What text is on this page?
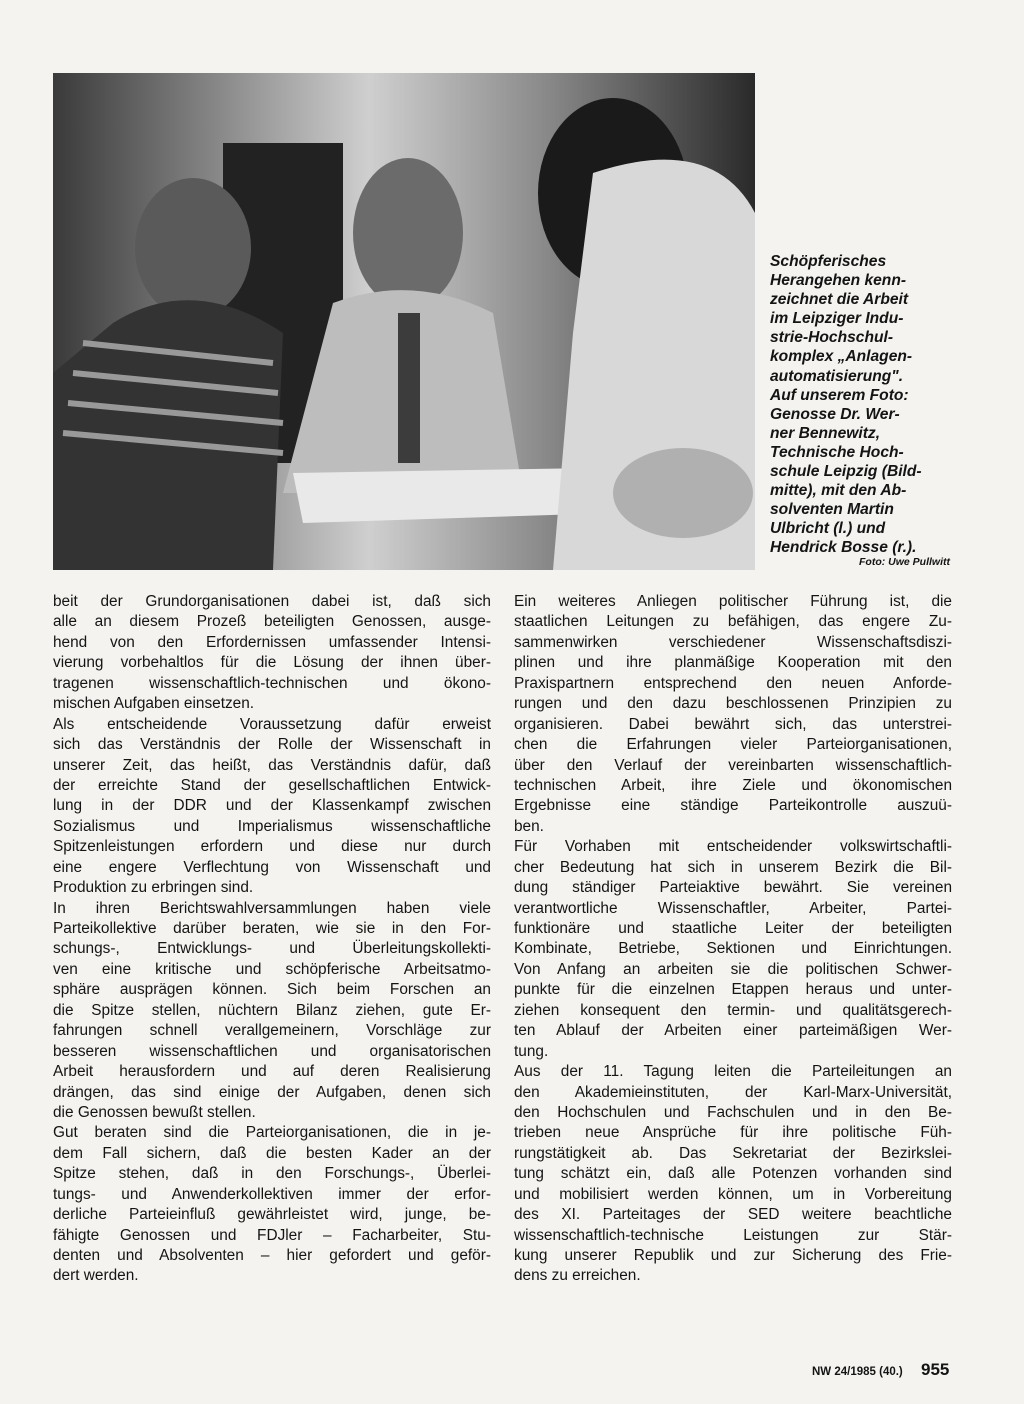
Schöpferisches
Herangehen kenn-
zeichnet die Arbeit
im Leipziger Indu-
strie-Hochschul-
komplex „Anlagen-
automatisierung".
Auf unserem Foto:
Genosse Dr. Wer-
ner Bennewitz,
Technische Hoch-
schule Leipzig (Bild-
mitte), mit den Ab-
solventen Martin
Ulbricht (l.) und
Hendrick Bosse (r.).

Foto: Uwe Pullwitt
beit der Grundorganisationen dabei ist, daß sich
alle an diesem Prozeß beteiligten Genossen, ausge-
hend von den Erfordernissen umfassender Intensi-
vierung vorbehaltlos für die Lösung der ihnen über-
tragenen wissenschaftlich-technischen und ökono-
mischen Aufgaben einsetzen.
Als entscheidende Voraussetzung dafür erweist
sich das Verständnis der Rolle der Wissenschaft in
unserer Zeit, das heißt, das Verständnis dafür, daß
der erreichte Stand der gesellschaftlichen Entwick-
lung in der DDR und der Klassenkampf zwischen
Sozialismus und Imperialismus wissenschaftliche
Spitzenleistungen erfordern und diese nur durch
eine engere Verflechtung von Wissenschaft und
Produktion zu erbringen sind.
In ihren Berichtswahlversammlungen haben viele
Parteikollektive darüber beraten, wie sie in den For-
schungs-, Entwicklungs- und Überleitungskollekti-
ven eine kritische und schöpferische Arbeitsatmo-
sphäre ausprägen können. Sich beim Forschen an
die Spitze stellen, nüchtern Bilanz ziehen, gute Er-
fahrungen schnell verallgemeinern, Vorschläge zur
besseren wissenschaftlichen und organisatorischen
Arbeit herausfordern und auf deren Realisierung
drängen, das sind einige der Aufgaben, denen sich
die Genossen bewußt stellen.
Gut beraten sind die Parteiorganisationen, die in je-
dem Fall sichern, daß die besten Kader an der
Spitze stehen, daß in den Forschungs-, Überlei-
tungs- und Anwenderkollektiven immer der erfor-
derliche Parteieinfluß gewährleistet wird, junge, be-
fähigte Genossen und FDJler – Facharbeiter, Stu-
denten und Absolventen – hier gefordert und geför-
dert werden.
Ein weiteres Anliegen politischer Führung ist, die
staatlichen Leitungen zu befähigen, das engere Zu-
sammenwirken verschiedener Wissenschaftsdiszi-
plinen und ihre planmäßige Kooperation mit den
Praxispartnern entsprechend den neuen Anforde-
rungen und den dazu beschlossenen Prinzipien zu
organisieren. Dabei bewährt sich, das unterstrei-
chen die Erfahrungen vieler Parteiorganisationen,
über den Verlauf der vereinbarten wissenschaftlich-
technischen Arbeit, ihre Ziele und ökonomischen
Ergebnisse eine ständige Parteikontrolle auszuü-
ben.
Für Vorhaben mit entscheidender volkswirtschaftli-
cher Bedeutung hat sich in unserem Bezirk die Bil-
dung ständiger Parteiaktive bewährt. Sie vereinen
verantwortliche Wissenschaftler, Arbeiter, Partei-
funktionäre und staatliche Leiter der beteiligten
Kombinate, Betriebe, Sektionen und Einrichtungen.
Von Anfang an arbeiten sie die politischen Schwer-
punkte für die einzelnen Etappen heraus und unter-
ziehen konsequent den termin- und qualitätsgerech-
ten Ablauf der Arbeiten einer parteimäßigen Wer-
tung.
Aus der 11. Tagung leiten die Parteileitungen an
den Akademieinstituten, der Karl-Marx-Universität,
den Hochschulen und Fachschulen und in den Be-
trieben neue Ansprüche für ihre politische Füh-
rungstätigkeit ab. Das Sekretariat der Bezirkslei-
tung schätzt ein, daß alle Potenzen vorhanden sind
und mobilisiert werden können, um in Vorbereitung
des XI. Parteitages der SED weitere beachtliche
wissenschaftlich-technische Leistungen zur Stär-
kung unserer Republik und zur Sicherung des Frie-
dens zu erreichen.
NW 24/1985 (40.) 955
